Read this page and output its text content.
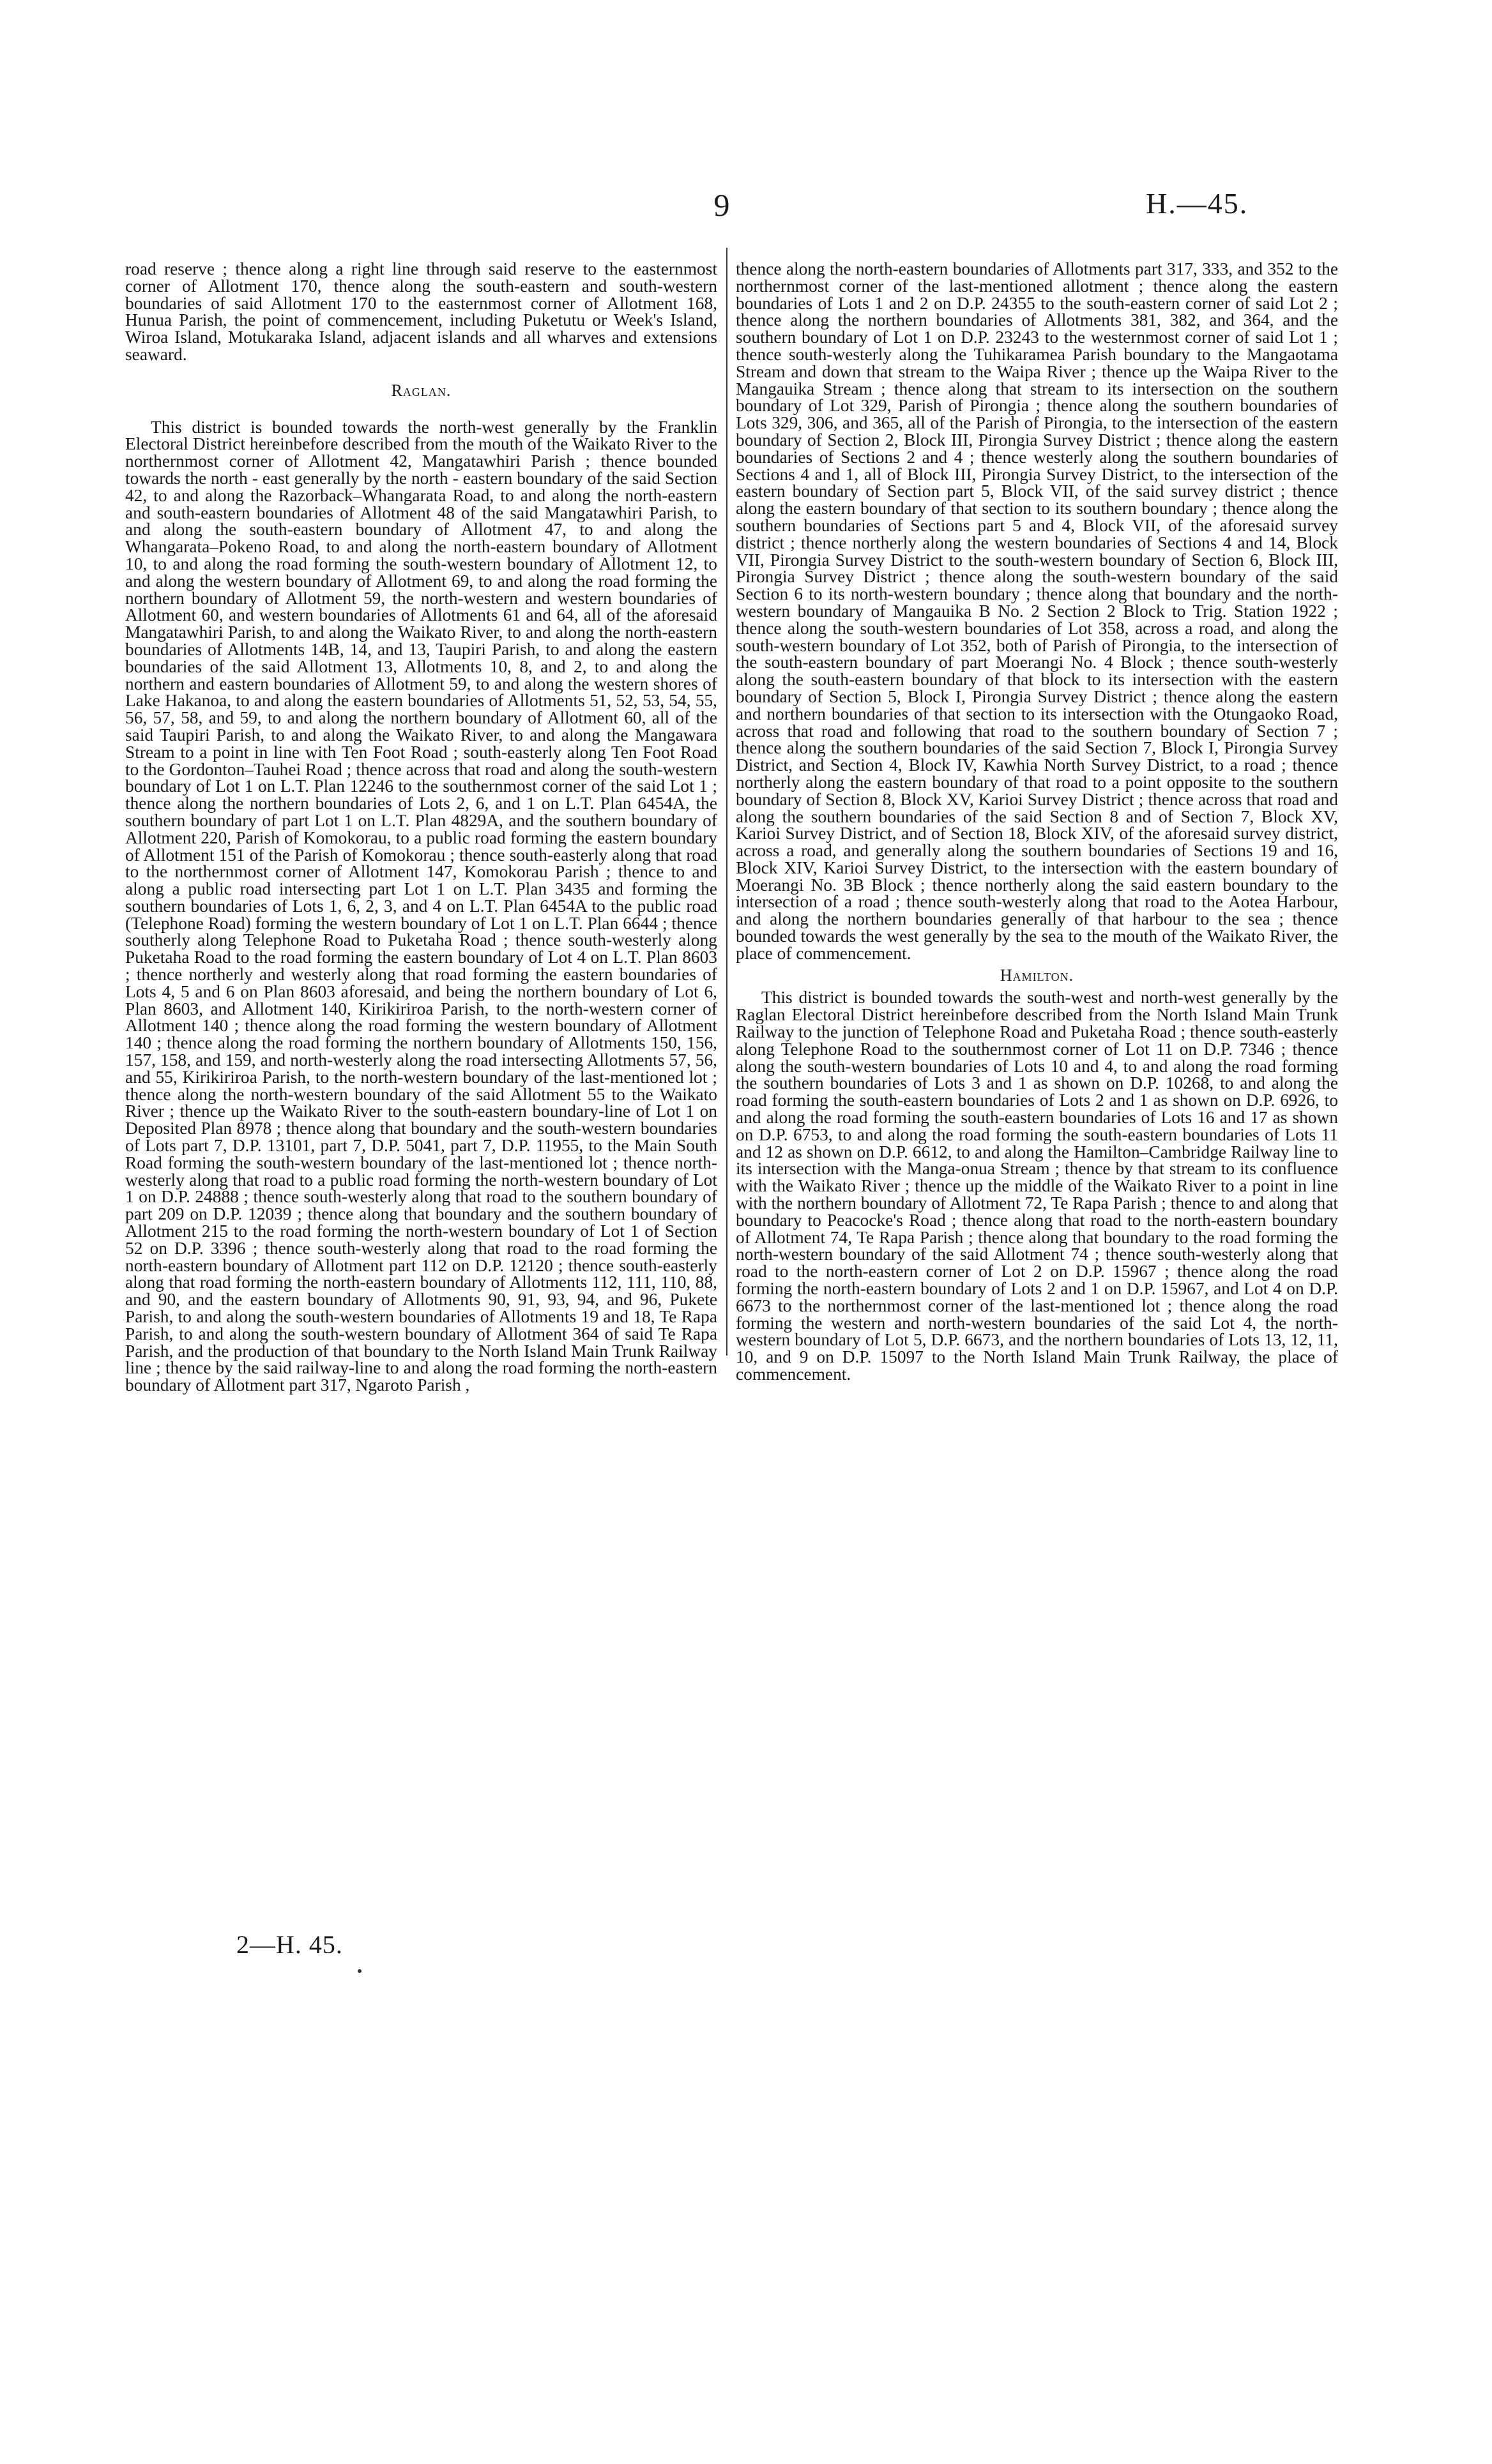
9	H.—45.

road reserve ; thence along a right line through said reserve to the easternmost corner of Allotment 170, thence along the south-eastern and south-western boundaries of said Allotment 170 to the easternmost corner of Allotment 168, Hunua Parish, the point of commencement, including Puketutu or Week's Island, Wiroa Island, Motukaraka Island, adjacent islands and all wharves and extensions seaward.

Raglan.

This district is bounded towards the north-west generally by the Franklin Electoral District hereinbefore described from the mouth of the Waikato River to the northernmost corner of Allotment 42, Mangatawhiri Parish ; thence bounded towards the north - east generally by the north - eastern boundary of the said Section 42, to and along the Razorback–Whangarata Road, to and along the north-eastern and south-eastern boundaries of Allotment 48 of the said Mangatawhiri Parish, to and along the south-eastern boundary of Allotment 47, to and along the Whangarata–Pokeno Road, to and along the north-eastern boundary of Allotment 10, to and along the road forming the south-western boundary of Allotment 12, to and along the western boundary of Allotment 69, to and along the road forming the northern boundary of Allotment 59, the north-western and western boundaries of Allotment 60, and western boundaries of Allotments 61 and 64, all of the aforesaid Mangatawhiri Parish, to and along the Waikato River, to and along the north-eastern boundaries of Allotments 14B, 14, and 13, Taupiri Parish, to and along the eastern boundaries of the said Allotment 13, Allotments 10, 8, and 2, to and along the northern and eastern boundaries of Allotment 59, to and along the western shores of Lake Hakanoa, to and along the eastern boundaries of Allotments 51, 52, 53, 54, 55, 56, 57, 58, and 59, to and along the northern boundary of Allotment 60, all of the said Taupiri Parish, to and along the Waikato River, to and along the Mangawara Stream to a point in line with Ten Foot Road ; south-easterly along Ten Foot Road to the Gordonton–Tauhei Road ; thence across that road and along the south-western boundary of Lot 1 on L.T. Plan 12246 to the southernmost corner of the said Lot 1 ; thence along the northern boundaries of Lots 2, 6, and 1 on L.T. Plan 6454A, the southern boundary of part Lot 1 on L.T. Plan 4829A, and the southern boundary of Allotment 220, Parish of Komokorau, to a public road forming the eastern boundary of Allotment 151 of the Parish of Komokorau ; thence south-easterly along that road to the northernmost corner of Allotment 147, Komokorau Parish ; thence to and along a public road intersecting part Lot 1 on L.T. Plan 3435 and forming the southern boundaries of Lots 1, 6, 2, 3, and 4 on L.T. Plan 6454A to the public road (Telephone Road) forming the western boundary of Lot 1 on L.T. Plan 6644 ; thence southerly along Telephone Road to Puketaha Road ; thence south-westerly along Puketaha Road to the road forming the eastern boundary of Lot 4 on L.T. Plan 8603 ; thence northerly and westerly along that road forming the eastern boundaries of Lots 4, 5 and 6 on Plan 8603 aforesaid, and being the northern boundary of Lot 6, Plan 8603, and Allotment 140, Kirikiriroa Parish, to the north-western corner of Allotment 140 ; thence along the road forming the western boundary of Allotment 140 ; thence along the road forming the northern boundary of Allotments 150, 156, 157, 158, and 159, and north-westerly along the road intersecting Allotments 57, 56, and 55, Kirikiriroa Parish, to the north-western boundary of the last-mentioned lot ; thence along the north-western boundary of the said Allotment 55 to the Waikato River ; thence up the Waikato River to the south-eastern boundary-line of Lot 1 on Deposited Plan 8978 ; thence along that boundary and the south-western boundaries of Lots part 7, D.P. 13101, part 7, D.P. 5041, part 7, D.P. 11955, to the Main South Road forming the south-western boundary of the last-mentioned lot ; thence north-westerly along that road to a public road forming the north-western boundary of Lot 1 on D.P. 24888 ; thence south-westerly along that road to the southern boundary of part 209 on D.P. 12039 ; thence along that boundary and the southern boundary of Allotment 215 to the road forming the north-western boundary of Lot 1 of Section 52 on D.P. 3396 ; thence south-westerly along that road to the road forming the north-eastern boundary of Allotment part 112 on D.P. 12120 ; thence south-easterly along that road forming the north-eastern boundary of Allotments 112, 111, 110, 88, and 90, and the eastern boundary of Allotments 90, 91, 93, 94, and 96, Pukete Parish, to and along the south-western boundaries of Allotments 19 and 18, Te Rapa Parish, to and along the south-western boundary of Allotment 364 of said Te Rapa Parish, and the production of that boundary to the North Island Main Trunk Railway line ; thence by the said railway-line to and along the road forming the north-eastern boundary of Allotment part 317, Ngaroto Parish ,

thence along the north-eastern boundaries of Allotments part 317, 333, and 352 to the northernmost corner of the last-mentioned allotment ; thence along the eastern boundaries of Lots 1 and 2 on D.P. 24355 to the south-eastern corner of said Lot 2 ; thence along the northern boundaries of Allotments 381, 382, and 364, and the southern boundary of Lot 1 on D.P. 23243 to the westernmost corner of said Lot 1 ; thence south-westerly along the Tuhikaramea Parish boundary to the Mangaotama Stream and down that stream to the Waipa River ; thence up the Waipa River to the Mangauika Stream ; thence along that stream to its intersection on the southern boundary of Lot 329, Parish of Pirongia ; thence along the southern boundaries of Lots 329, 306, and 365, all of the Parish of Pirongia, to the intersection of the eastern boundary of Section 2, Block III, Pirongia Survey District ; thence along the eastern boundaries of Sections 2 and 4 ; thence westerly along the southern boundaries of Sections 4 and 1, all of Block III, Pirongia Survey District, to the intersection of the eastern boundary of Section part 5, Block VII, of the said survey district ; thence along the eastern boundary of that section to its southern boundary ; thence along the southern boundaries of Sections part 5 and 4, Block VII, of the aforesaid survey district ; thence northerly along the western boundaries of Sections 4 and 14, Block VII, Pirongia Survey District to the south-western boundary of Section 6, Block III, Pirongia Survey District ; thence along the south-western boundary of the said Section 6 to its north-western boundary ; thence along that boundary and the north-western boundary of Mangauika B No. 2 Section 2 Block to Trig. Station 1922 ; thence along the south-western boundaries of Lot 358, across a road, and along the south-western boundary of Lot 352, both of Parish of Pirongia, to the intersection of the south-eastern boundary of part Moerangi No. 4 Block ; thence south-westerly along the south-eastern boundary of that block to its intersection with the eastern boundary of Section 5, Block I, Pirongia Survey District ; thence along the eastern and northern boundaries of that section to its intersection with the Otungaoko Road, across that road and following that road to the southern boundary of Section 7 ; thence along the southern boundaries of the said Section 7, Block I, Pirongia Survey District, and Section 4, Block IV, Kawhia North Survey District, to a road ; thence northerly along the eastern boundary of that road to a point opposite to the southern boundary of Section 8, Block XV, Karioi Survey District ; thence across that road and along the southern boundaries of the said Section 8 and of Section 7, Block XV, Karioi Survey District, and of Section 18, Block XIV, of the aforesaid survey district, across a road, and generally along the southern boundaries of Sections 19 and 16, Block XIV, Karioi Survey District, to the intersection with the eastern boundary of Moerangi No. 3B Block ; thence northerly along the said eastern boundary to the intersection of a road ; thence south-westerly along that road to the Aotea Harbour, and along the northern boundaries generally of that harbour to the sea ; thence bounded towards the west generally by the sea to the mouth of the Waikato River, the place of commencement.

Hamilton.

This district is bounded towards the south-west and north-west generally by the Raglan Electoral District hereinbefore described from the North Island Main Trunk Railway to the junction of Telephone Road and Puketaha Road ; thence south-easterly along Telephone Road to the southernmost corner of Lot 11 on D.P. 7346 ; thence along the south-western boundaries of Lots 10 and 4, to and along the road forming the southern boundaries of Lots 3 and 1 as shown on D.P. 10268, to and along the road forming the south-eastern boundaries of Lots 2 and 1 as shown on D.P. 6926, to and along the road forming the south-eastern boundaries of Lots 16 and 17 as shown on D.P. 6753, to and along the road forming the south-eastern boundaries of Lots 11 and 12 as shown on D.P. 6612, to and along the Hamilton–Cambridge Railway line to its intersection with the Manga-onua Stream ; thence by that stream to its confluence with the Waikato River ; thence up the middle of the Waikato River to a point in line with the northern boundary of Allotment 72, Te Rapa Parish ; thence to and along that boundary to Peacocke's Road ; thence along that road to the north-eastern boundary of Allotment 74, Te Rapa Parish ; thence along that boundary to the road forming the north-western boundary of the said Allotment 74 ; thence south-westerly along that road to the north-eastern corner of Lot 2 on D.P. 15967 ; thence along the road forming the north-eastern boundary of Lots 2 and 1 on D.P. 15967, and Lot 4 on D.P. 6673 to the northernmost corner of the last-mentioned lot ; thence along the road forming the western and north-western boundaries of the said Lot 4, the north-western boundary of Lot 5, D.P. 6673, and the northern boundaries of Lots 13, 12, 11, 10, and 9 on D.P. 15097 to the North Island Main Trunk Railway, the place of commencement.

2—H. 45.
